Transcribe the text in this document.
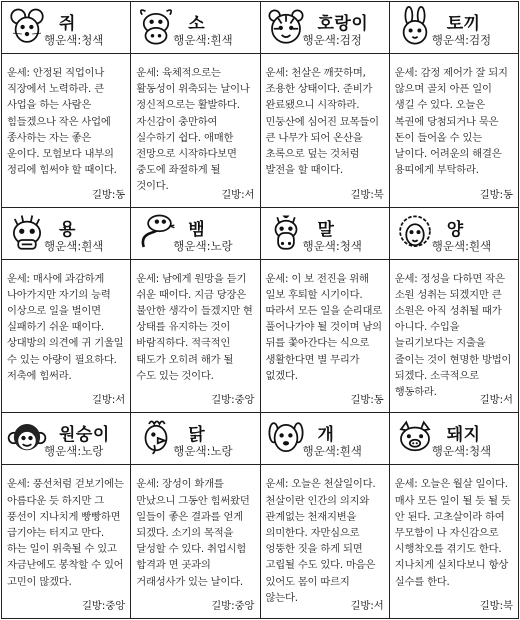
쥐
행운색:청색
운세: 안정된 직업이나 직장에서 노력하라. 큰 사업을 하는 사람은 힘들겠으나 작은 사업에 종사하는 자는 좋은 운이다. 모험보다 내부의 정리에 힘써야 할 때이다.
길방:동
소
행운색:흰색
운세: 육체적으로는 활동성이 위축되는 날이나 정신적으로는 활발하다. 자신감이 충만하여 실수하기 쉽다. 애매한 전망으로 시작하다보면 중도에 좌절하게 될 것이다.
길방:서
호랑이
행운색:검정
운세: 천살은 깨끗하며, 조용한 상태이다. 준비가 완료됐으니 시작하라. 민둥산에 심어진 묘목들이 큰 나무가 되어 온산을 초록으로 덮는 것처럼 발전을 할 때이다.
길방:북
토끼
행운색:검정
운세: 감정 제어가 잘 되지 않으며 골치 아픈 일이 생길 수 있다. 오늘은 복권에 당첨되거나 묵은 돈이 들어올 수 있는 날이다. 어려운의 해결은 용띠에게 부탁하라.
길방:동
용
행운색:흰색
운세: 매사에 과감하게 나아가지만 자기의 능력 이상으로 일을 벌이면 실패하기 쉬운 때이다. 상대방의 의견에 귀 기울일 수 있는 아량이 필요하다. 저축에 힘써라.
길방:서
뱀
행운색:노랑
운세: 남에게 원망을 듣기 쉬운 때이다. 지금 당장은 불안한 생각이 들겠지만 현 상태를 유지하는 것이 바람직하다. 적극적인 태도가 오히려 해가 될 수도 있는 것이다.
길방:중앙
말
행운색:청색
운세: 이 보 전진을 위해 일보 후퇴할 시기이다. 따라서 모든 일을 순리대로 풀어나가야 될 것이며 남의 뒤를 쫓아간다는 식으로 생활한다면 별 무리가 없겠다.
길방:동
양
행운색:흰색
운세: 정성을 다하면 작은 소원 성취는 되겠지만 큰 소원은 아직 성취될 때가 아니다. 수입을 늘리기보다는 지출을 줄이는 것이 현명한 방법이 되겠다. 소극적으로 행동하라.
길방:서
원숭이
행운색:노랑
운세: 풍선처럼 걷보기에는 아름다운 듯 하지만 그 풍선이 지나치게 빵빵하면 급기야는 터지고 만다. 하는 일이 위축될 수 있고 자금난에도 봉착할 수 있어 고민이 많겠다.
길방:중앙
닭
행운색:노랑
운세: 장성이 화개를 만났으니 그동안 힘써왔던 일들이 좋은 결과를 얻게 되겠다. 소기의 목적을 달성할 수 있다. 취업시험 합격과 면 곳과의 거래성사가 있는 날이다.
길방:중앙
개
행운색:흰색
운세: 오늘은 천살일이다. 천살이란 인간의 의지와 관계없는 천재지변을 의미한다. 자만심으로 엉뚱한 짓을 하게 되면 고립될 수도 있다. 마음은 있어도 몸이 따르지 않는다.
길방:서
돼지
행운색:청색
운세: 오늘은 월살 일이다. 매사 모든 일이 될 듯 될 듯 안 된다. 고초살이라 하여 무모함이 나 자신감으로 시행착오를 겪기도 한다. 지나치게 실치다보니 항상 실수를 한다.
길방:북
